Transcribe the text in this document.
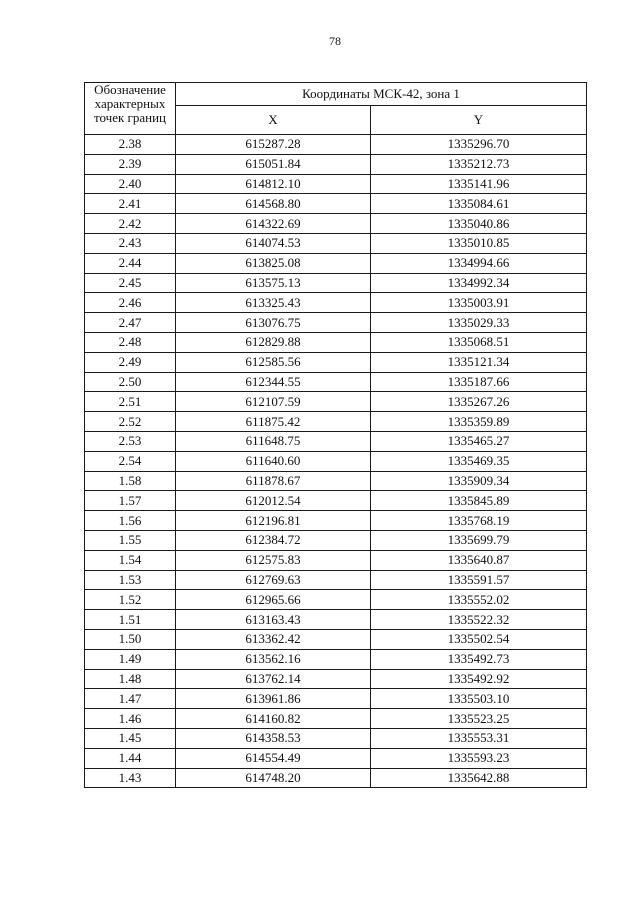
78
Обозначение
характерных
точек границ	Координаты МСК-42, зона 1	
	X	Y
2.38	615287.28	1335296.70
2.39	615051.84	1335212.73
2.40	614812.10	1335141.96
2.41	614568.80	1335084.61
2.42	614322.69	1335040.86
2.43	614074.53	1335010.85
2.44	613825.08	1334994.66
2.45	613575.13	1334992.34
2.46	613325.43	1335003.91
2.47	613076.75	1335029.33
2.48	612829.88	1335068.51
2.49	612585.56	1335121.34
2.50	612344.55	1335187.66
2.51	612107.59	1335267.26
2.52	611875.42	1335359.89
2.53	611648.75	1335465.27
2.54	611640.60	1335469.35
1.58	611878.67	1335909.34
1.57	612012.54	1335845.89
1.56	612196.81	1335768.19
1.55	612384.72	1335699.79
1.54	612575.83	1335640.87
1.53	612769.63	1335591.57
1.52	612965.66	1335552.02
1.51	613163.43	1335522.32
1.50	613362.42	1335502.54
1.49	613562.16	1335492.73
1.48	613762.14	1335492.92
1.47	613961.86	1335503.10
1.46	614160.82	1335523.25
1.45	614358.53	1335553.31
1.44	614554.49	1335593.23
1.43	614748.20	1335642.88
